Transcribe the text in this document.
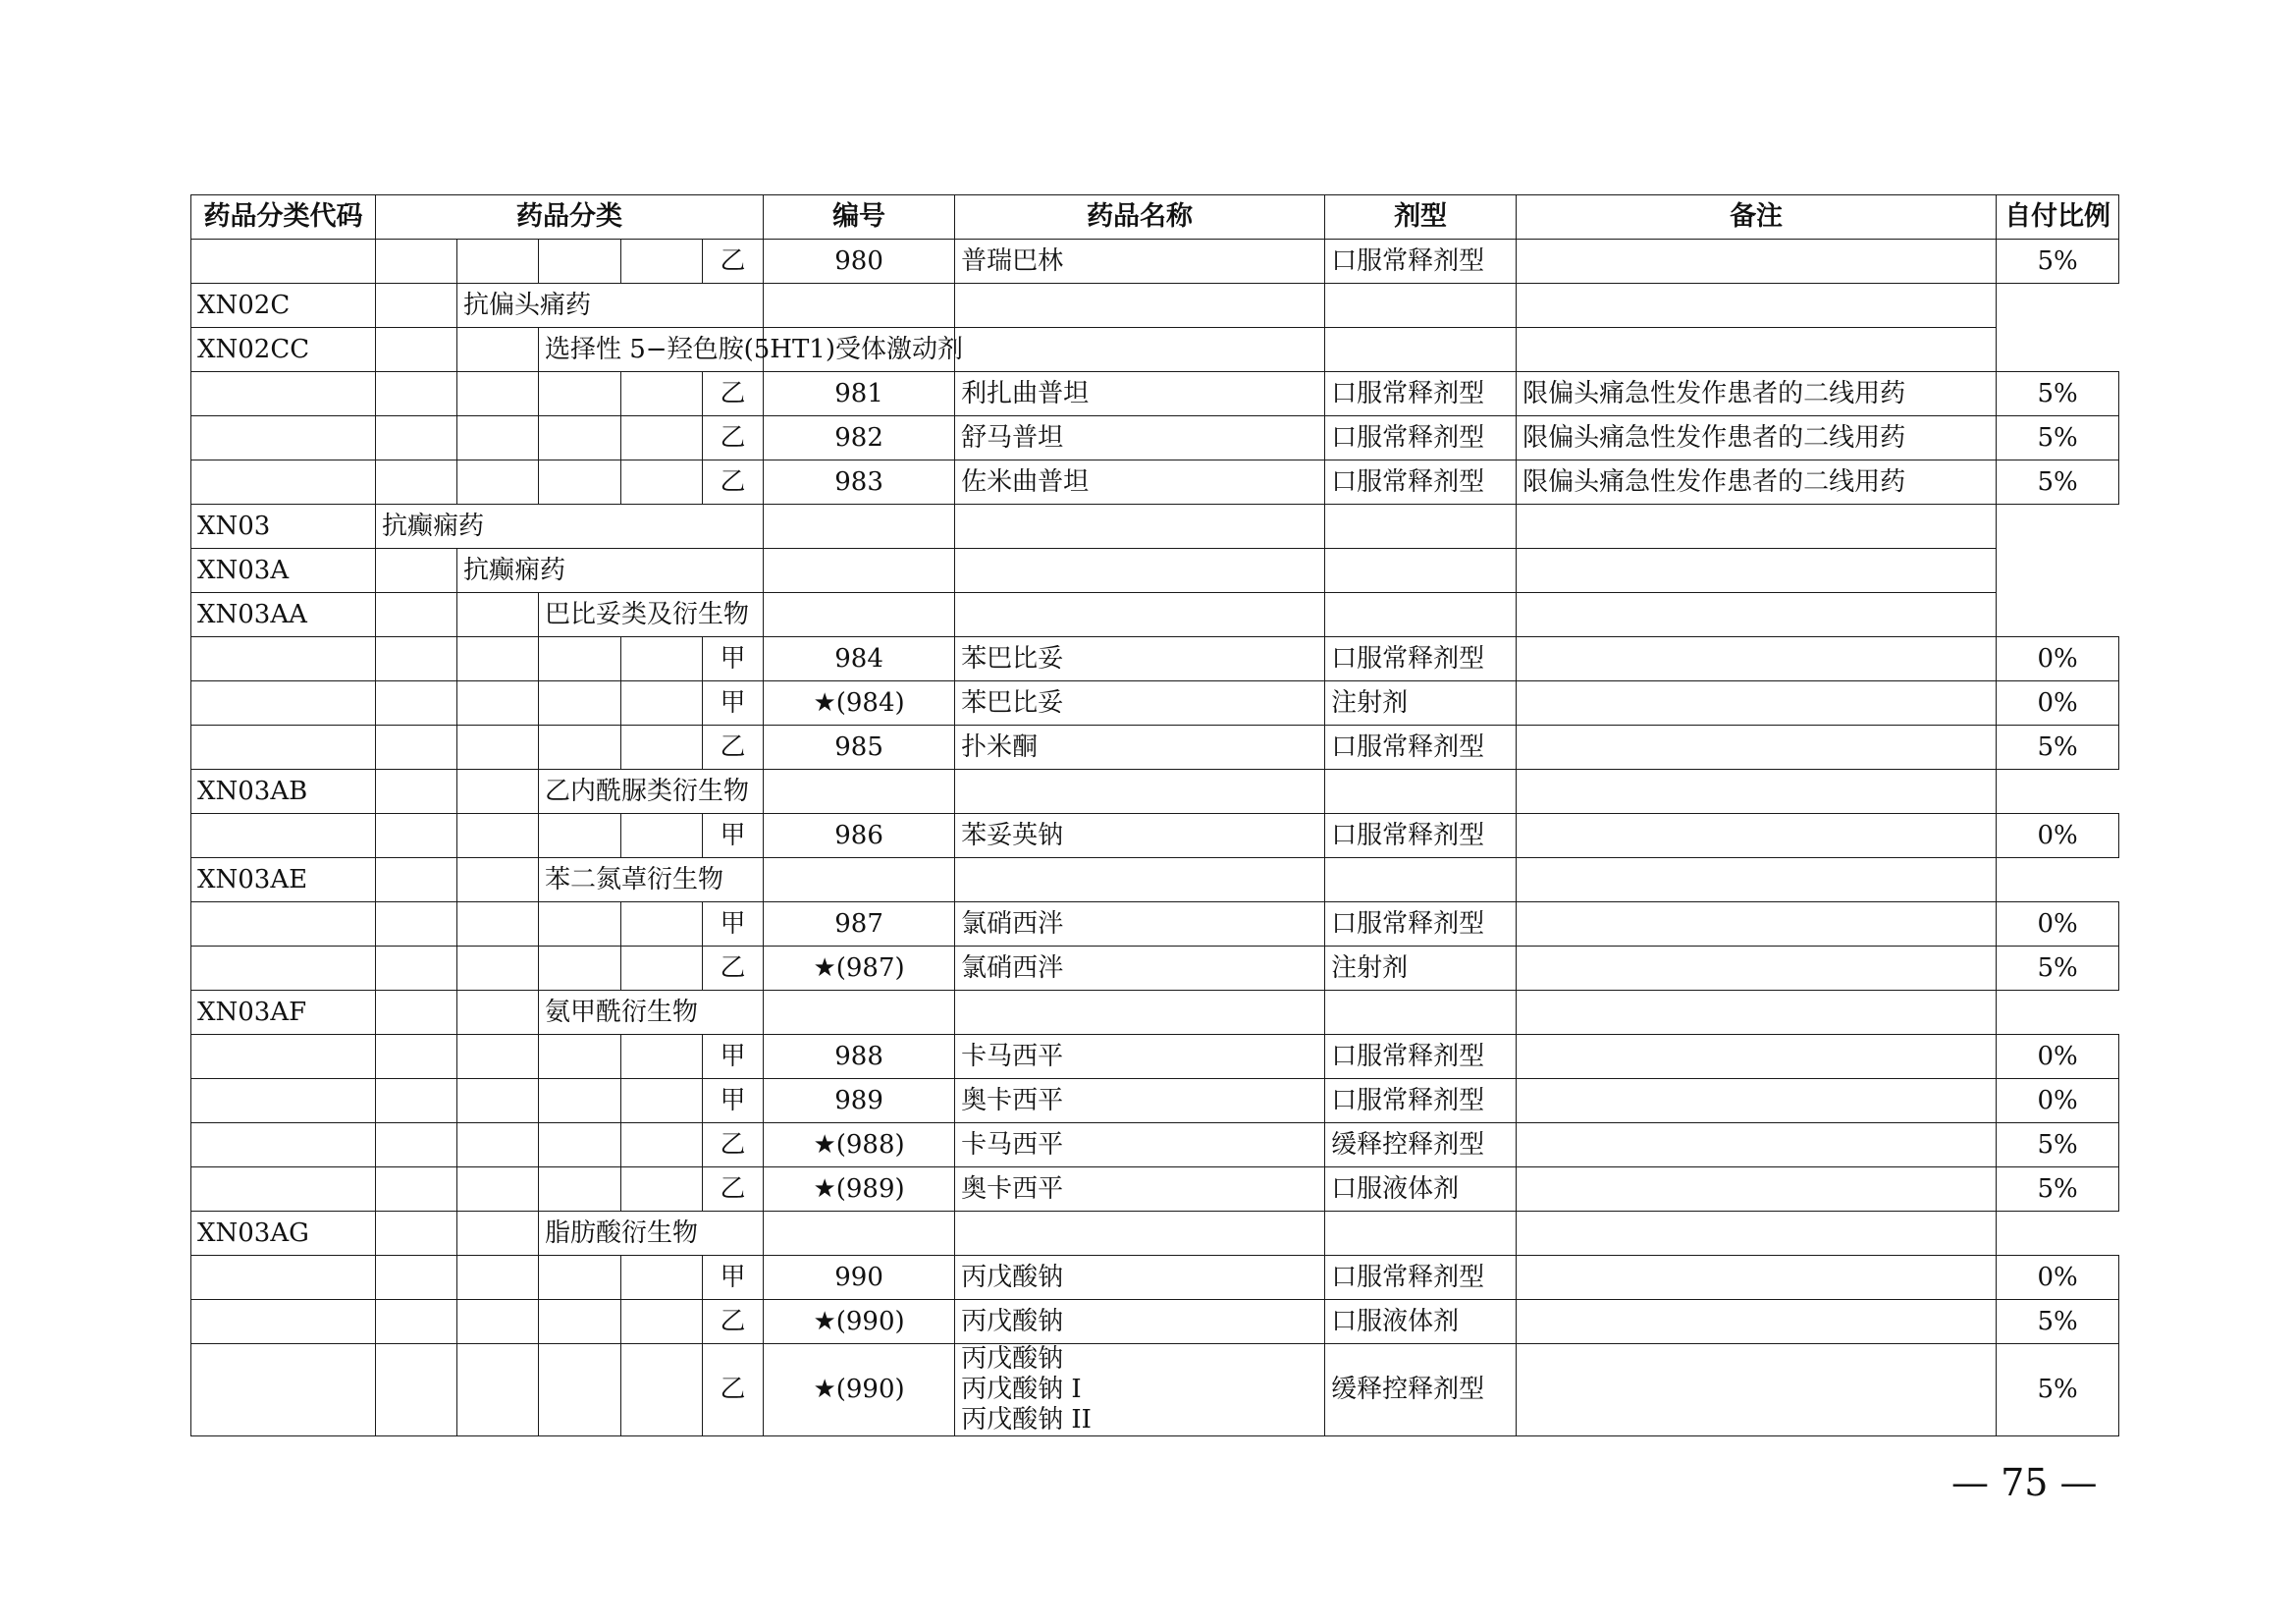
药品分类代码	药品分类					编号	药品名称	剂型	备注	自付比例
					乙	980	普瑞巴林	口服常释剂型		5%
XN02C		抗偏头痛药								
XN02CC			选择性 5−羟色胺(5HT1)受体激动剂							
					乙	981	利扎曲普坦	口服常释剂型	限偏头痛急性发作患者的二线用药	5%
					乙	982	舒马普坦	口服常释剂型	限偏头痛急性发作患者的二线用药	5%
					乙	983	佐米曲普坦	口服常释剂型	限偏头痛急性发作患者的二线用药	5%
XN03	抗癫痫药									
XN03A		抗癫痫药								
XN03AA			巴比妥类及衍生物							
					甲	984	苯巴比妥	口服常释剂型		0%
					甲	★(984)	苯巴比妥	注射剂		0%
					乙	985	扑米酮	口服常释剂型		5%
XN03AB			乙内酰脲类衍生物							
					甲	986	苯妥英钠	口服常释剂型		0%
XN03AE			苯二氮䓬衍生物							
					甲	987	氯硝西泮	口服常释剂型		0%
					乙	★(987)	氯硝西泮	注射剂		5%
XN03AF			氨甲酰衍生物							
					甲	988	卡马西平	口服常释剂型		0%
					甲	989	奥卡西平	口服常释剂型		0%
					乙	★(988)	卡马西平	缓释控释剂型		5%
					乙	★(989)	奥卡西平	口服液体剂		5%
XN03AG			脂肪酸衍生物							
					甲	990	丙戊酸钠	口服常释剂型		0%
					乙	★(990)	丙戊酸钠	口服液体剂		5%
					乙	★(990)	丙戊酸钠
丙戊酸钠 I
丙戊酸钠 II	缓释控释剂型		5%
— 75 —
